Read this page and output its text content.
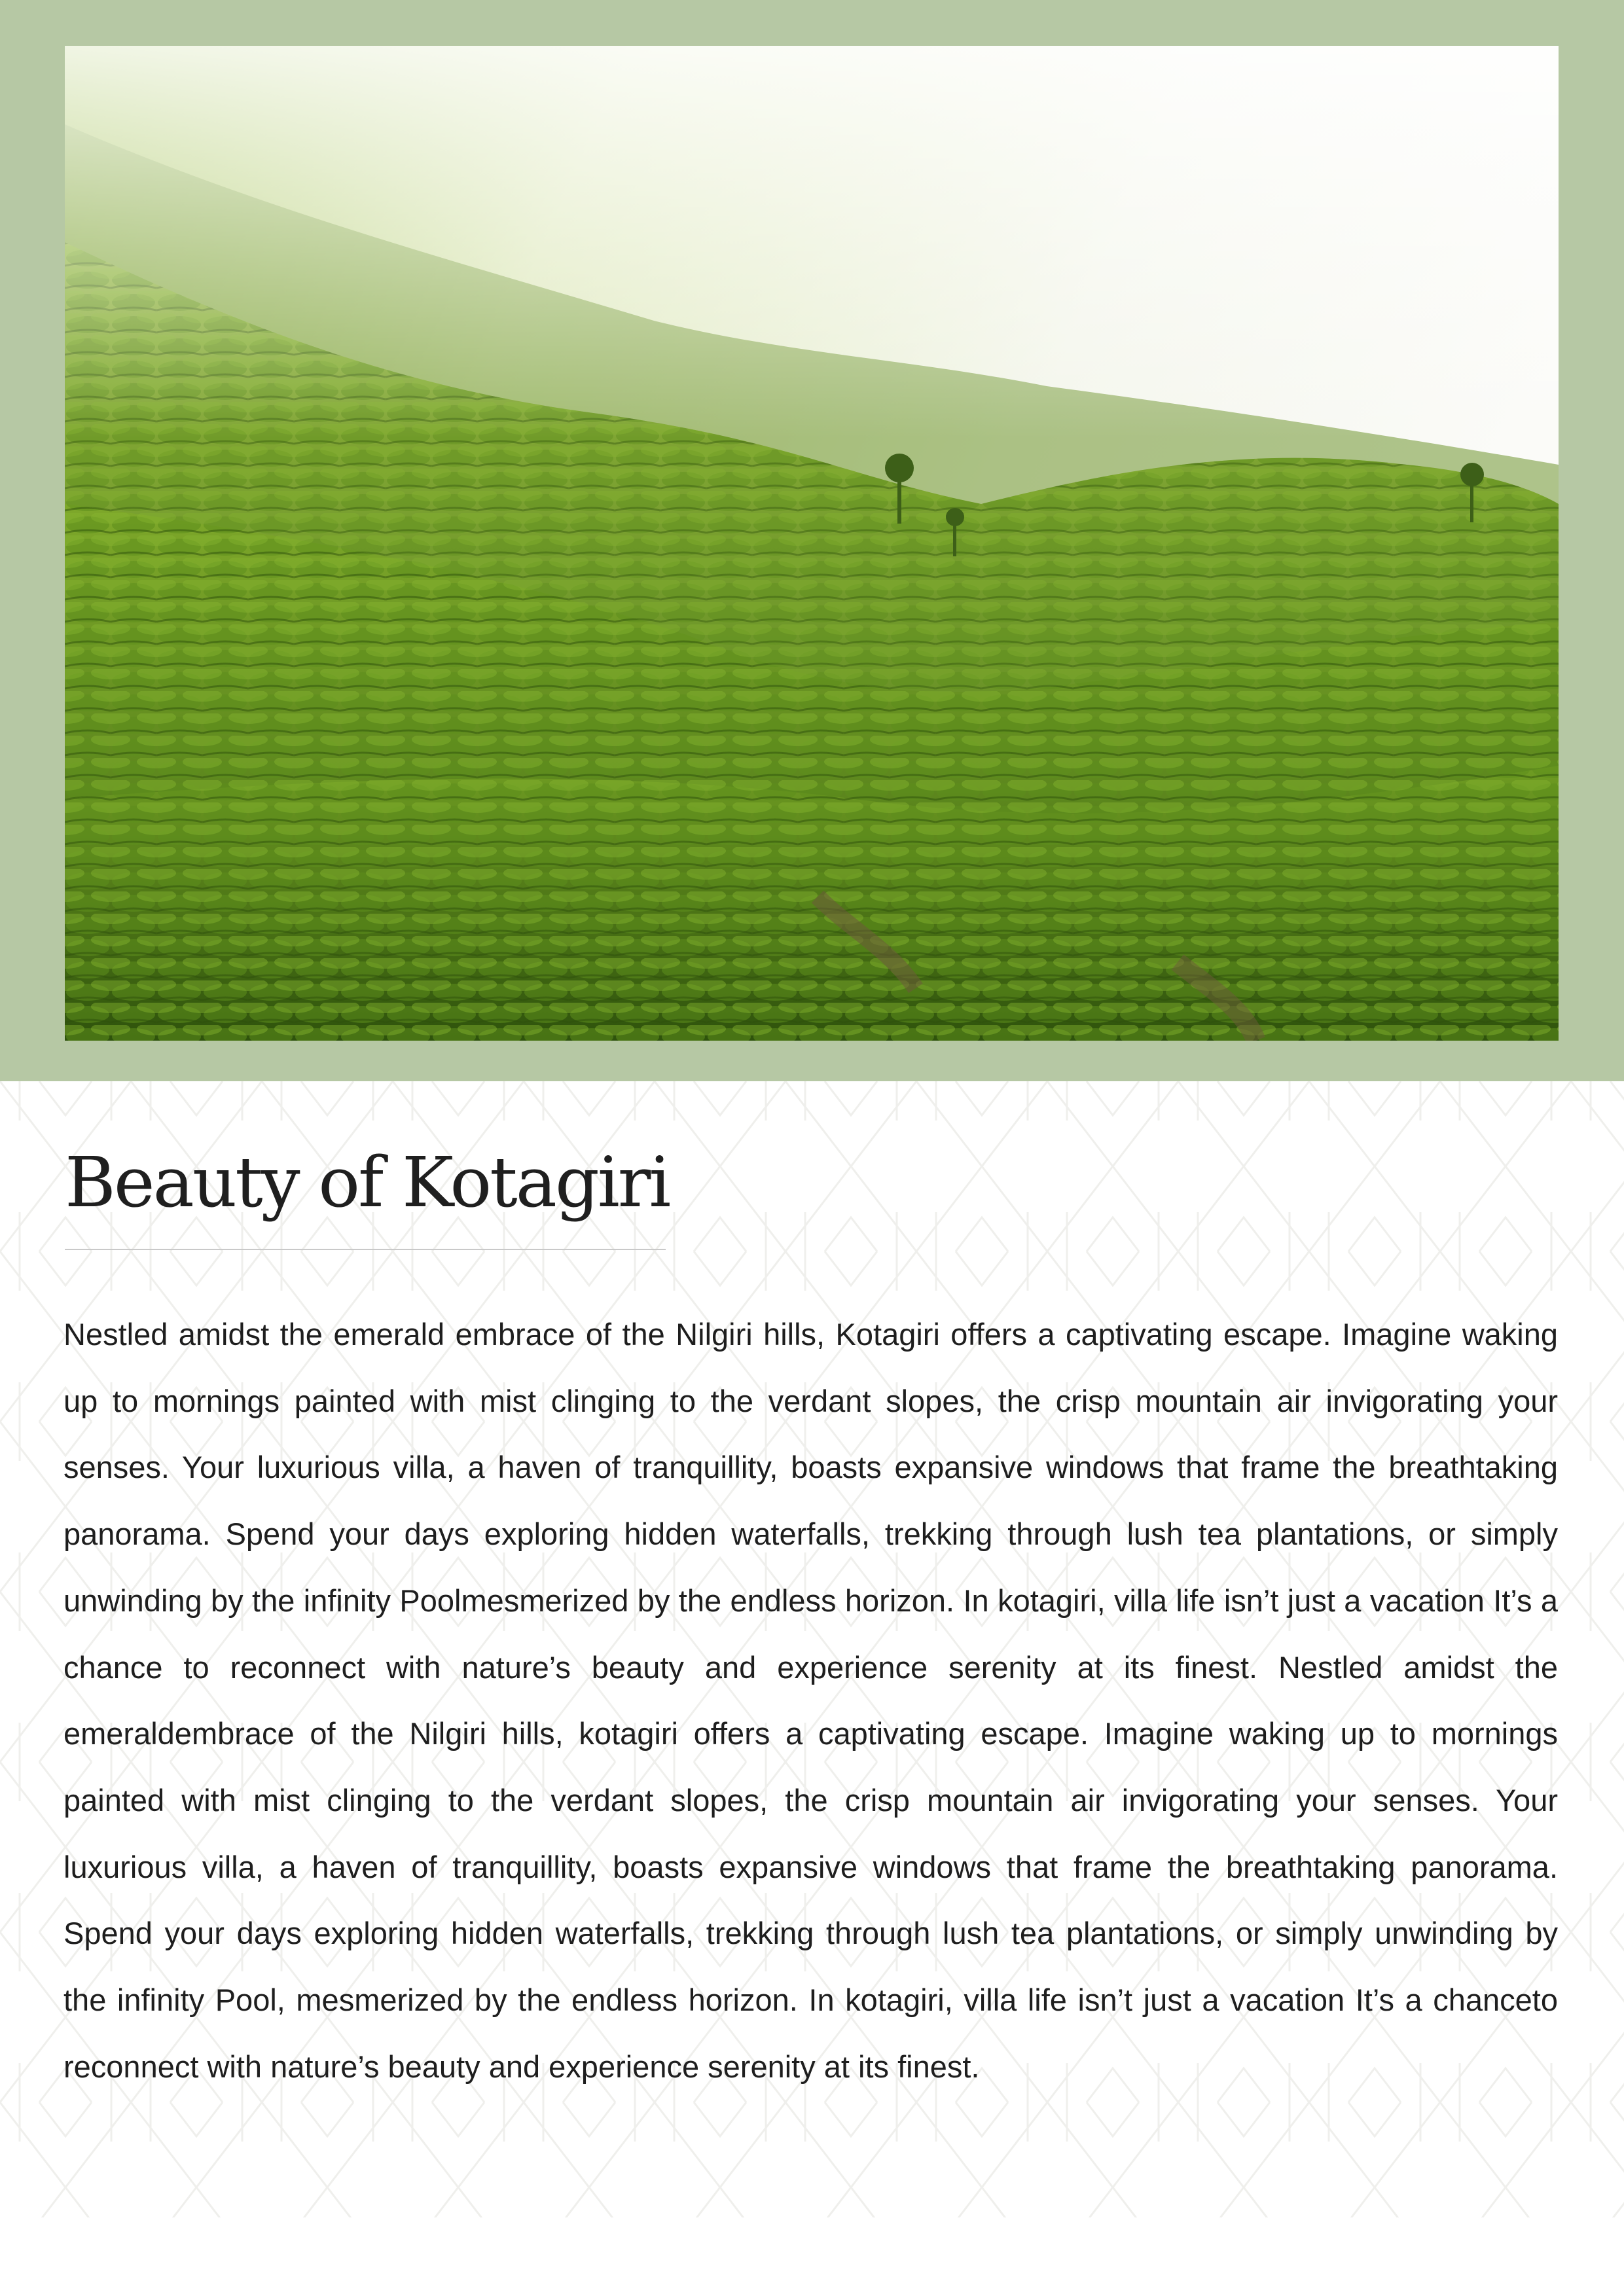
Beauty of Kotagiri

Nestled amidst the emerald embrace of the Nilgiri hills, Kotagiri offers a captivating escape. Imagine waking up to mornings painted with mist clinging to the verdant slopes, the crisp mountain air invigorating your senses. Your luxurious villa, a haven of tranquillity, boasts expansive windows that frame the breathtaking panorama. Spend your days exploring hidden waterfalls, trekking through lush tea plantations, or simply unwinding by the infinity Poolmesmerized by the endless horizon. In kotagiri, villa life isn’t just a vacation It’s a chance to reconnect with nature’s beauty and experience serenity at its finest. Nestled amidst the emeraldembrace of the Nilgiri hills, kotagiri offers a captivating escape. Imagine waking up to mornings painted with mist clinging to the verdant slopes, the crisp mountain air invigorating your senses. Your luxurious villa, a haven of tranquillity, boasts expansive windows that frame the breathtaking panorama. Spend your days exploring hidden waterfalls, trekking through lush tea plantations, or simply unwinding by the infinity Pool, mesmerized by the endless horizon. In kotagiri, villa life isn’t just a vacation It’s a chanceto reconnect with nature’s beauty and experience serenity at its finest.
